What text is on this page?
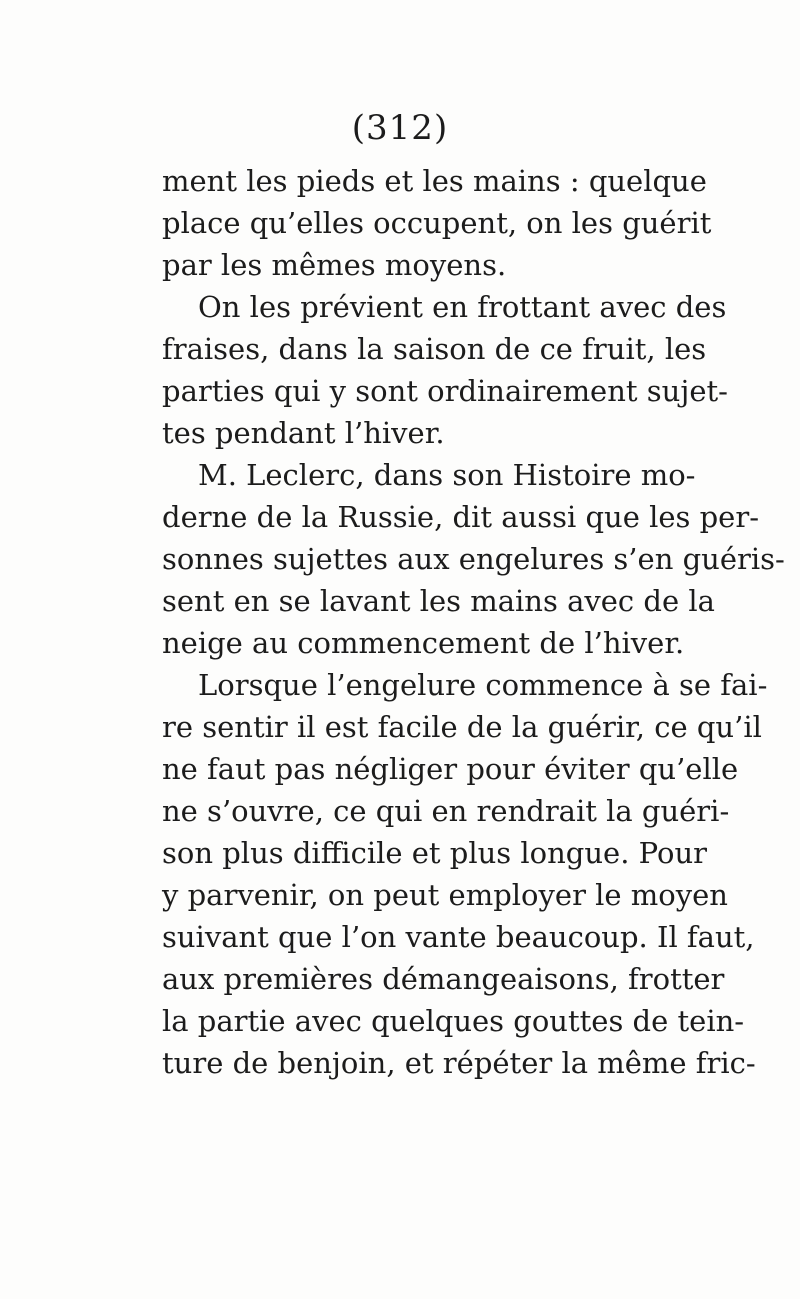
(312)
ment les pieds et les mains : quelque
place qu’elles occupent, on les guérit
par les mêmes moyens.
On les prévient en frottant avec des
fraises, dans la saison de ce fruit, les
parties qui y sont ordinairement sujet-
tes pendant l’hiver.
M. Leclerc, dans son Histoire mo-
derne de la Russie, dit aussi que les per-
sonnes sujettes aux engelures s’en guéris-
sent en se lavant les mains avec de la
neige au commencement de l’hiver.
Lorsque l’engelure commence à se fai-
re sentir il est facile de la guérir, ce qu’il
ne faut pas négliger pour éviter qu’elle
ne s’ouvre, ce qui en rendrait la guéri-
son plus difficile et plus longue. Pour
y parvenir, on peut employer le moyen
suivant que l’on vante beaucoup. Il faut,
aux premières démangeaisons, frotter
la partie avec quelques gouttes de tein-
ture de benjoin, et répéter la même fric-
